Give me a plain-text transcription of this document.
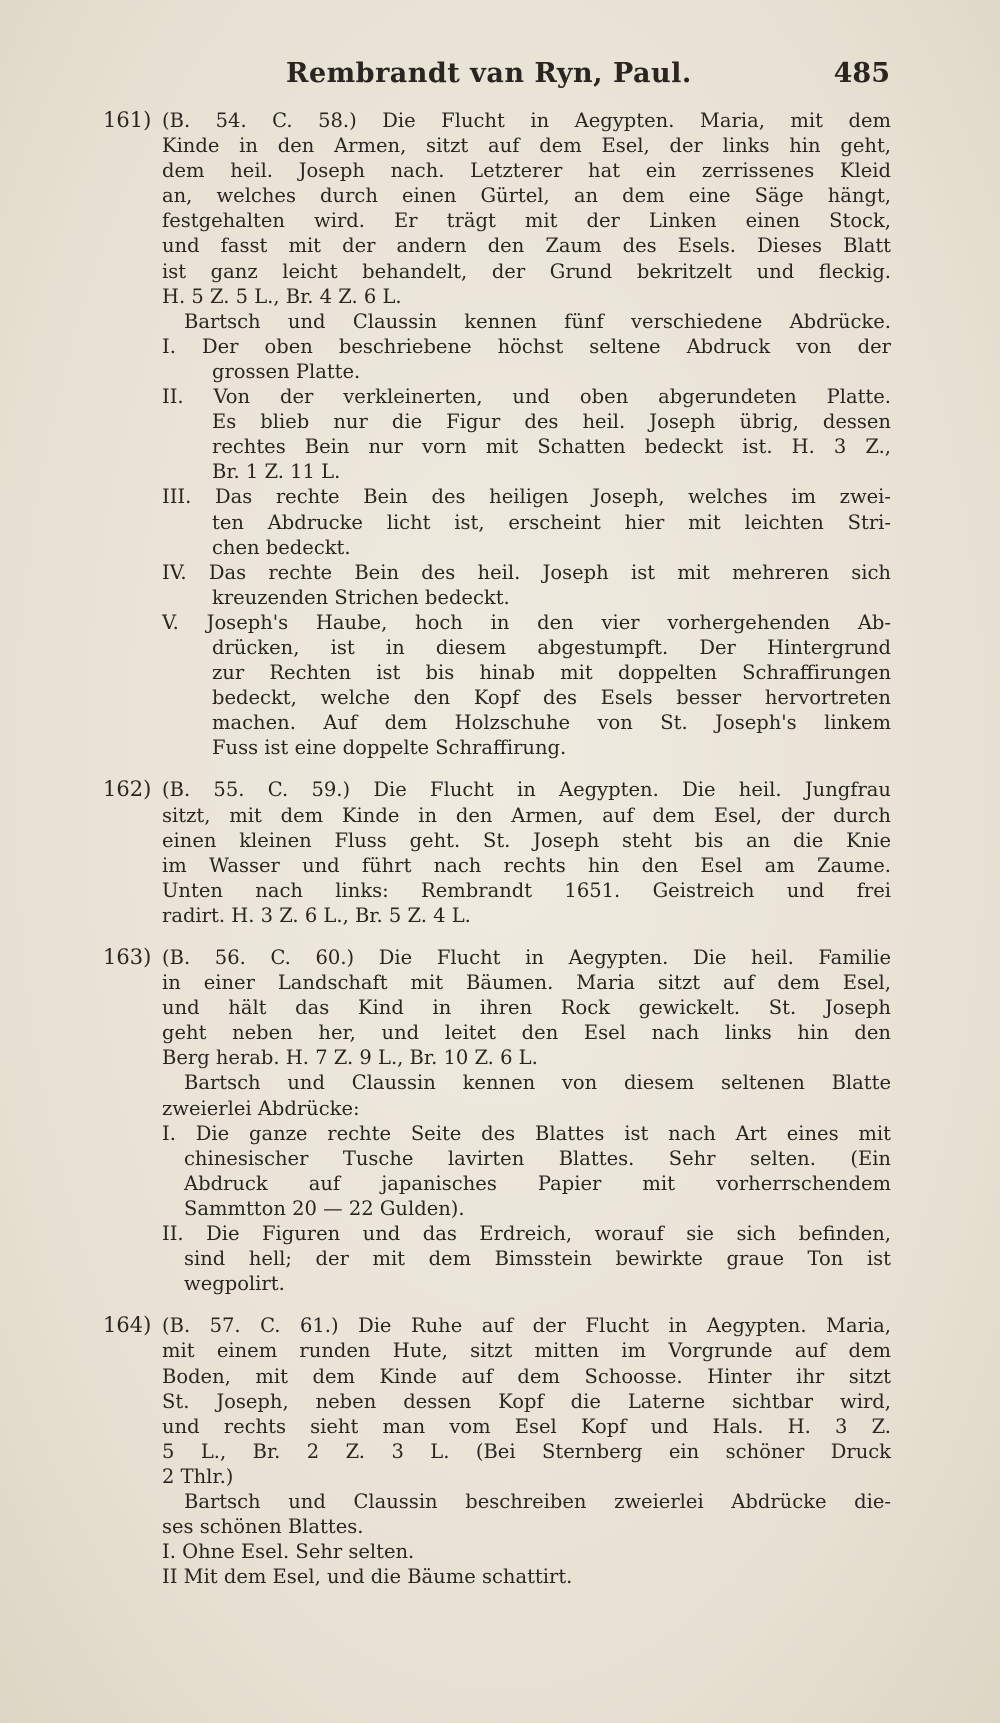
Rembrandt van Ryn, Paul.	485
161) (B. 54. C. 58.) Die Flucht in Aegypten. Maria, mit dem
Kinde in den Armen, sitzt auf dem Esel, der links hin geht,
dem heil. Joseph nach. Letzterer hat ein zerrissenes Kleid
an, welches durch einen Gürtel, an dem eine Säge hängt,
festgehalten wird. Er trägt mit der Linken einen Stock,
und fasst mit der andern den Zaum des Esels. Dieses Blatt
ist ganz leicht behandelt, der Grund bekritzelt und fleckig.
H. 5 Z. 5 L., Br. 4 Z. 6 L.
Bartsch und Claussin kennen fünf verschiedene Abdrücke.
I. Der oben beschriebene höchst seltene Abdruck von der
grossen Platte.
II. Von der verkleinerten, und oben abgerundeten Platte.
Es blieb nur die Figur des heil. Joseph übrig, dessen
rechtes Bein nur vorn mit Schatten bedeckt ist. H. 3 Z.,
Br. 1 Z. 11 L.
III. Das rechte Bein des heiligen Joseph, welches im zwei-
ten Abdrucke licht ist, erscheint hier mit leichten Stri-
chen bedeckt.
IV. Das rechte Bein des heil. Joseph ist mit mehreren sich
kreuzenden Strichen bedeckt.
V. Joseph's Haube, hoch in den vier vorhergehenden Ab-
drücken, ist in diesem abgestumpft. Der Hintergrund
zur Rechten ist bis hinab mit doppelten Schraffirungen
bedeckt, welche den Kopf des Esels besser hervortreten
machen. Auf dem Holzschuhe von St. Joseph's linkem
Fuss ist eine doppelte Schraffirung.
162) (B. 55. C. 59.) Die Flucht in Aegypten. Die heil. Jungfrau
sitzt, mit dem Kinde in den Armen, auf dem Esel, der durch
einen kleinen Fluss geht. St. Joseph steht bis an die Knie
im Wasser und führt nach rechts hin den Esel am Zaume.
Unten nach links: Rembrandt 1651. Geistreich und frei
radirt. H. 3 Z. 6 L., Br. 5 Z. 4 L.
163) (B. 56. C. 60.) Die Flucht in Aegypten. Die heil. Familie
in einer Landschaft mit Bäumen. Maria sitzt auf dem Esel,
und hält das Kind in ihren Rock gewickelt. St. Joseph
geht neben her, und leitet den Esel nach links hin den
Berg herab. H. 7 Z. 9 L., Br. 10 Z. 6 L.
Bartsch und Claussin kennen von diesem seltenen Blatte
zweierlei Abdrücke:
I. Die ganze rechte Seite des Blattes ist nach Art eines mit
chinesischer Tusche lavirten Blattes. Sehr selten. (Ein
Abdruck auf japanisches Papier mit vorherrschendem
Sammtton 20 — 22 Gulden).
II. Die Figuren und das Erdreich, worauf sie sich befinden,
sind hell; der mit dem Bimsstein bewirkte graue Ton ist
wegpolirt.
164) (B. 57. C. 61.) Die Ruhe auf der Flucht in Aegypten. Maria,
mit einem runden Hute, sitzt mitten im Vorgrunde auf dem
Boden, mit dem Kinde auf dem Schoosse. Hinter ihr sitzt
St. Joseph, neben dessen Kopf die Laterne sichtbar wird,
und rechts sieht man vom Esel Kopf und Hals. H. 3 Z.
5 L., Br. 2 Z. 3 L. (Bei Sternberg ein schöner Druck
2 Thlr.)
Bartsch und Claussin beschreiben zweierlei Abdrücke die-
ses schönen Blattes.
I. Ohne Esel. Sehr selten.
II Mit dem Esel, und die Bäume schattirt.
